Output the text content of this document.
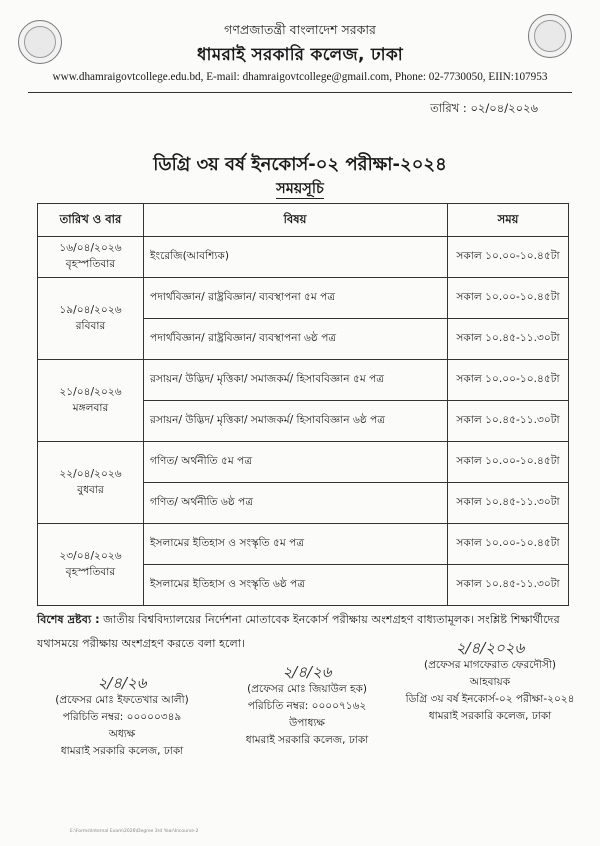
গণপ্রজাতন্ত্রী বাংলাদেশ সরকার
ধামরাই সরকারি কলেজ, ঢাকা
www.dhamraigovtcollege.edu.bd, E-mail: dhamraigovtcollege@gmail.com, Phone: 02-7730050, EIIN:107953
তারিখ : ০২/০৪/২০২৬
ডিগ্রি ৩য় বর্ষ ইনকোর্স-০২ পরীক্ষা-২০২৪
সময়সূচি
তারিখ ও বার	বিষয়	সময়
১৬/০৪/২০২৬
বৃহস্পতিবার	ইংরেজি(আবশ্যিক)	সকাল ১০.০০-১০.৪৫টা
১৯/০৪/২০২৬
রবিবার	পদার্থবিজ্ঞান/ রাষ্ট্রবিজ্ঞান/ ব্যবস্থাপনা ৫ম পত্র	সকাল ১০.০০-১০.৪৫টা
	পদার্থবিজ্ঞান/ রাষ্ট্রবিজ্ঞান/ ব্যবস্থাপনা ৬ষ্ঠ পত্র	সকাল ১০.৪৫-১১.৩০টা
২১/০৪/২০২৬
মঙ্গলবার	রসায়ন/ উদ্ভিদ/ মৃত্তিকা/ সমাজকর্ম/ হিসাববিজ্ঞান ৫ম পত্র	সকাল ১০.০০-১০.৪৫টা
	রসায়ন/ উদ্ভিদ/ মৃত্তিকা/ সমাজকর্ম/ হিসাববিজ্ঞান ৬ষ্ঠ পত্র	সকাল ১০.৪৫-১১.৩০টা
২২/০৪/২০২৬
বুধবার	গণিত/ অর্থনীতি ৫ম পত্র	সকাল ১০.০০-১০.৪৫টা
	গণিত/ অর্থনীতি ৬ষ্ঠ পত্র	সকাল ১০.৪৫-১১.৩০টা
২৩/০৪/২০২৬
বৃহস্পতিবার	ইসলামের ইতিহাস ও সংস্কৃতি ৫ম পত্র	সকাল ১০.০০-১০.৪৫টা
	ইসলামের ইতিহাস ও সংস্কৃতি ৬ষ্ঠ পত্র	সকাল ১০.৪৫-১১.৩০টা
বিশেষ দ্রষ্টব্য : জাতীয় বিশ্ববিদ্যালয়ের নির্দেশনা মোতাবেক ইনকোর্স পরীক্ষায় অংশগ্রহণ বাধ্যতামূলক। সংশ্লিষ্ট শিক্ষার্থীদের যথাসময়ে পরীক্ষায় অংশগ্রহণ করতে বলা হলো।	২/৪/২০২৬
(প্রফেসর মাগফেরাত ফেরদৌসী)
আহবায়ক
ডিগ্রি ৩য় বর্ষ ইনকোর্স-০২ পরীক্ষা-২০২৪
ধামরাই সরকারি কলেজ, ঢাকা
২/৪/২৬
(প্রফেসর মোঃ জিয়াউল হক)
পরিচিতি নম্বর: ০০০০৭১৬২
উপাধ্যক্ষ
ধামরাই সরকারি কলেজ, ঢাকা
২/৪/২৬
(প্রফেসর মোঃ ইফতেখার আলী)
পরিচিতি নম্বর: ০০০০০৩৪৯
অধ্যক্ষ
ধামরাই সরকারি কলেজ, ঢাকা
E:\Forms\Internal Exam\2026\Degree 3rd Year\Incourse-2
